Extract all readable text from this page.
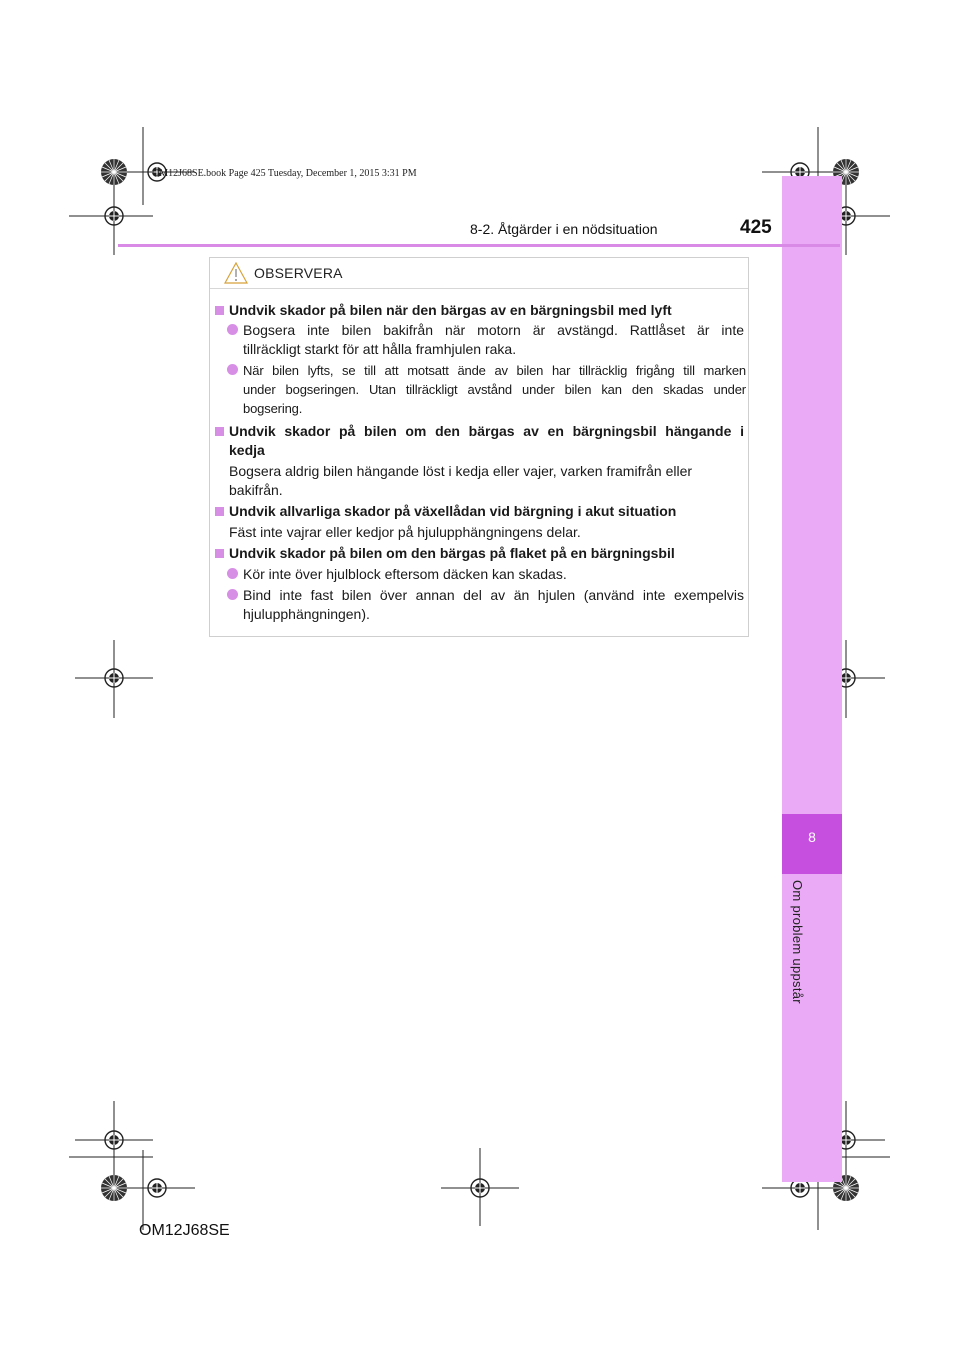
OM12J68SE.book Page 425 Tuesday, December 1, 2015 3:31 PM
8
Om problem uppstår
8-2. Åtgärder i en nödsituation	425
OBSERVERA
Undvik skador på bilen när den bärgas av en bärgningsbil med lyft
Bogsera inte bilen bakifrån när motorn är avstängd. Rattlåset är inte
tillräckligt starkt för att hålla framhjulen raka.
När bilen lyfts, se till att motsatt ände av bilen har tillräcklig frigång till marken
under bogseringen. Utan tillräckligt avstånd under bilen kan den skadas under
bogsering.
Undvik skador på bilen om den bärgas av en bärgningsbil hängande i
kedja
Bogsera aldrig bilen hängande löst i kedja eller vajer, varken framifrån eller
bakifrån.
Undvik allvarliga skador på växellådan vid bärgning i akut situation
Fäst inte vajrar eller kedjor på hjulupphängningens delar.
Undvik skador på bilen om den bärgas på flaket på en bärgningsbil
Kör inte över hjulblock eftersom däcken kan skadas.
Bind inte fast bilen över annan del av än hjulen (använd inte exempelvis
hjulupphängningen).
OM12J68SE
